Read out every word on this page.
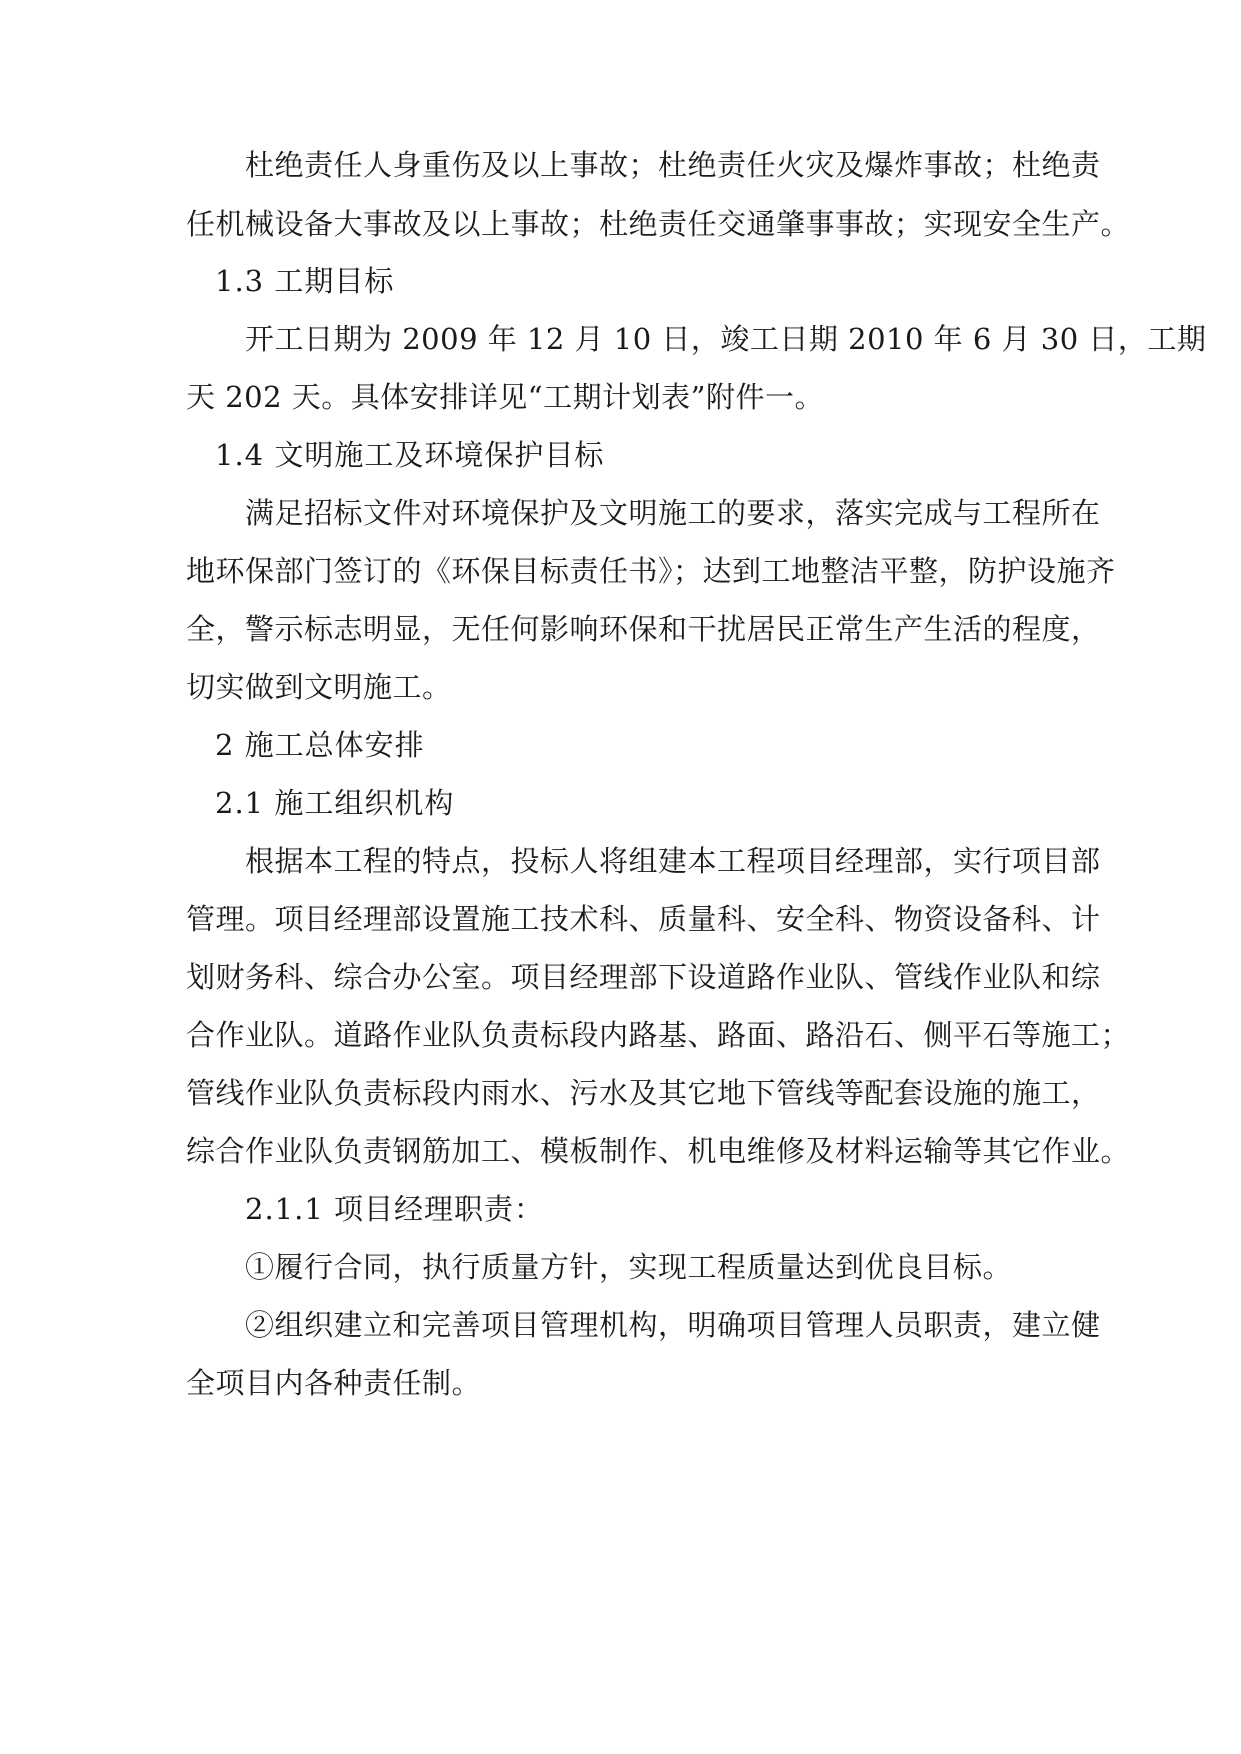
杜绝责任人身重伤及以上事故；杜绝责任火灾及爆炸事故；杜绝责
任机械设备大事故及以上事故；杜绝责任交通肇事事故；实现安全生产。
1.3 工期目标
开工日期为 2009 年 12 月 10 日，竣工日期 2010 年 6 月 30 日，工期
天 202 天。具体安排详见“工期计划表”附件一。
1.4 文明施工及环境保护目标
满足招标文件对环境保护及文明施工的要求，落实完成与工程所在
地环保部门签订的《环保目标责任书》；达到工地整洁平整，防护设施齐
全，警示标志明显，无任何影响环保和干扰居民正常生产生活的程度，
切实做到文明施工。
2 施工总体安排
2.1 施工组织机构
根据本工程的特点，投标人将组建本工程项目经理部，实行项目部
管理。项目经理部设置施工技术科、质量科、安全科、物资设备科、计
划财务科、综合办公室。项目经理部下设道路作业队、管线作业队和综
合作业队。道路作业队负责标段内路基、路面、路沿石、侧平石等施工；
管线作业队负责标段内雨水、污水及其它地下管线等配套设施的施工，
综合作业队负责钢筋加工、模板制作、机电维修及材料运输等其它作业。
2.1.1 项目经理职责：
①履行合同，执行质量方针，实现工程质量达到优良目标。
②组织建立和完善项目管理机构，明确项目管理人员职责，建立健
全项目内各种责任制。
